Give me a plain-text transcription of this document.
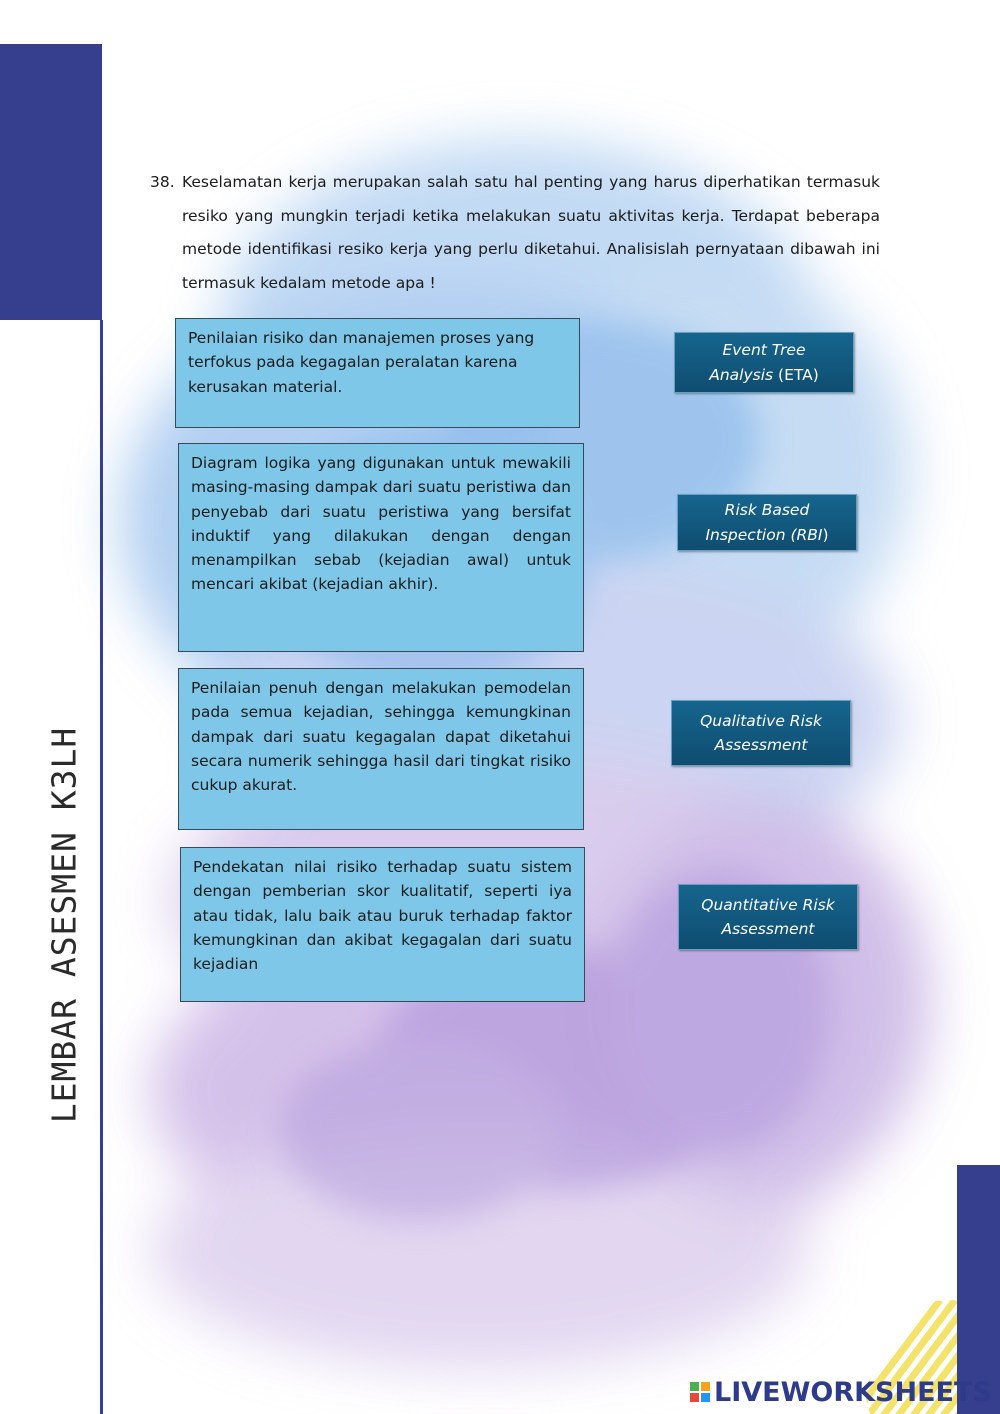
LEMBAR ASESMEN K3LH
38. Keselamatan kerja merupakan salah satu hal penting yang harus diperhatikan termasuk resiko yang mungkin terjadi ketika melakukan suatu aktivitas kerja. Terdapat beberapa metode identifikasi resiko kerja yang perlu diketahui. Analisislah pernyataan dibawah ini termasuk kedalam metode apa !
Penilaian risiko dan manajemen proses yang terfokus pada kegagalan peralatan karena kerusakan material.
Diagram logika yang digunakan untuk mewakili masing-masing dampak dari suatu peristiwa dan penyebab dari suatu peristiwa yang bersifat induktif yang dilakukan dengan dengan menampilkan sebab (kejadian awal) untuk mencari akibat (kejadian akhir).
Penilaian penuh dengan melakukan pemodelan pada semua kejadian, sehingga kemungkinan dampak dari suatu kegagalan dapat diketahui secara numerik sehingga hasil dari tingkat risiko cukup akurat.
Pendekatan nilai risiko terhadap suatu sistem dengan pemberian skor kualitatif, seperti iya atau tidak, lalu baik atau buruk terhadap faktor kemungkinan dan akibat kegagalan dari suatu kejadian
Event Tree
Analysis (ETA)
Risk Based
Inspection (RBI)
Qualitative Risk
Assessment
Quantitative Risk
Assessment
LIVEWORKSHEETS
